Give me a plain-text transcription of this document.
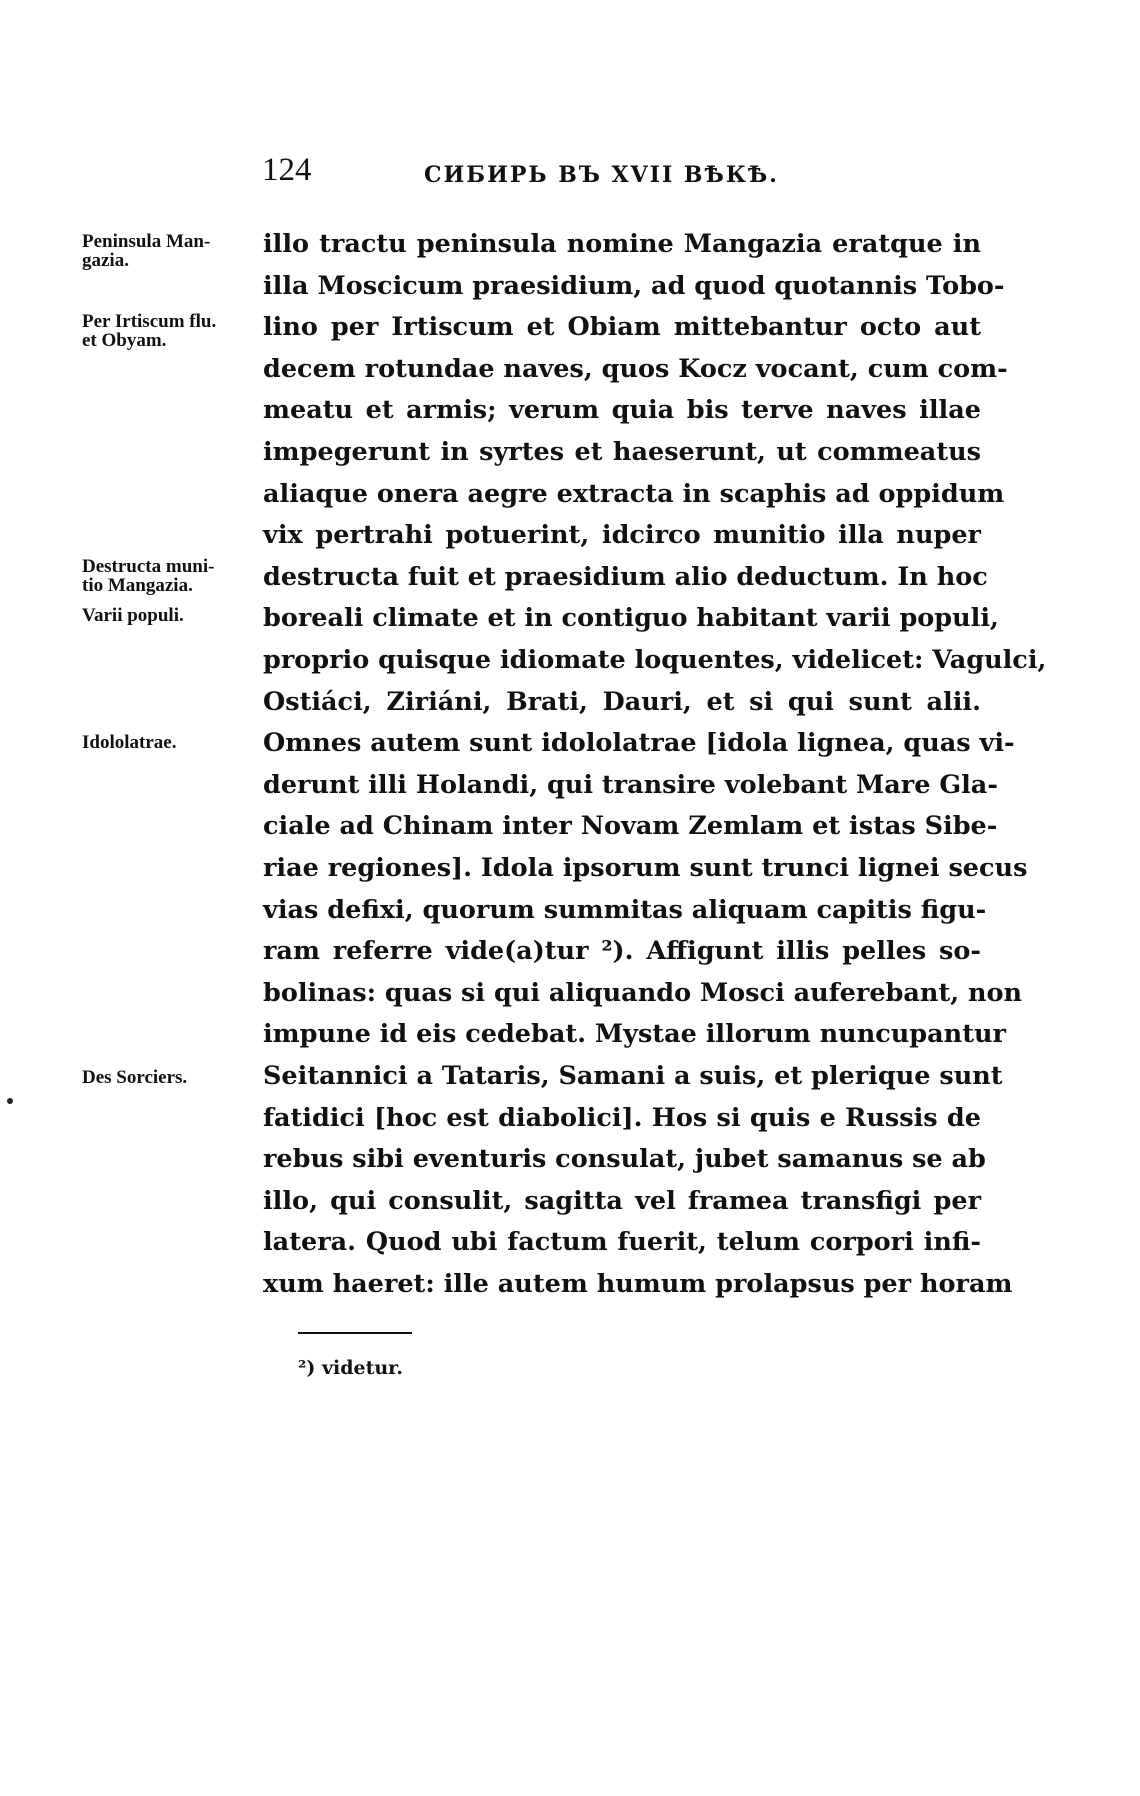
124	СИБИРЬ ВЪ XVII ВѢКѢ.
Peninsula Man-
gazia.
Per Irtiscum flu.
et Obyam.
Destructa muni-
tio Mangazia.
Varii populi.
Idololatrae.
Des Sorciers.
illo tractu peninsula nomine Mangazia eratque in
illa Moscicum praesidium, ad quod quotannis Tobo-
lino per Irtiscum et Obiam mittebantur octo aut
decem rotundae naves, quos Kocz vocant, cum com-
meatu et armis; verum quia bis terve naves illae
impegerunt in syrtes et haeserunt, ut commeatus
aliaque onera aegre extracta in scaphis ad oppidum
vix pertrahi potuerint, idcirco munitio illa nuper
destructa fuit et praesidium alio deductum. In hoc
boreali climate et in contiguo habitant varii populi,
proprio quisque idiomate loquentes, videlicet: Vagulci,
Ostiáci, Ziriáni, Brati, Dauri, et si qui sunt alii.
Omnes autem sunt idololatrae [idola lignea, quas vi-
derunt illi Holandi, qui transire volebant Mare Gla-
ciale ad Chinam inter Novam Zemlam et istas Sibe-
riae regiones]. Idola ipsorum sunt trunci lignei secus
vias defixi, quorum summitas aliquam capitis figu-
ram referre vide(a)tur ²). Affigunt illis pelles so-
bolinas: quas si qui aliquando Mosci auferebant, non
impune id eis cedebat. Mystae illorum nuncupantur
Seitannici a Tataris, Samani a suis, et plerique sunt
fatidici [hoc est diabolici]. Hos si quis e Russis de
rebus sibi eventuris consulat, jubet samanus se ab
illo, qui consulit, sagitta vel framea transfigi per
latera. Quod ubi factum fuerit, telum corpori infi-
xum haeret: ille autem humum prolapsus per horam
²) videtur.
